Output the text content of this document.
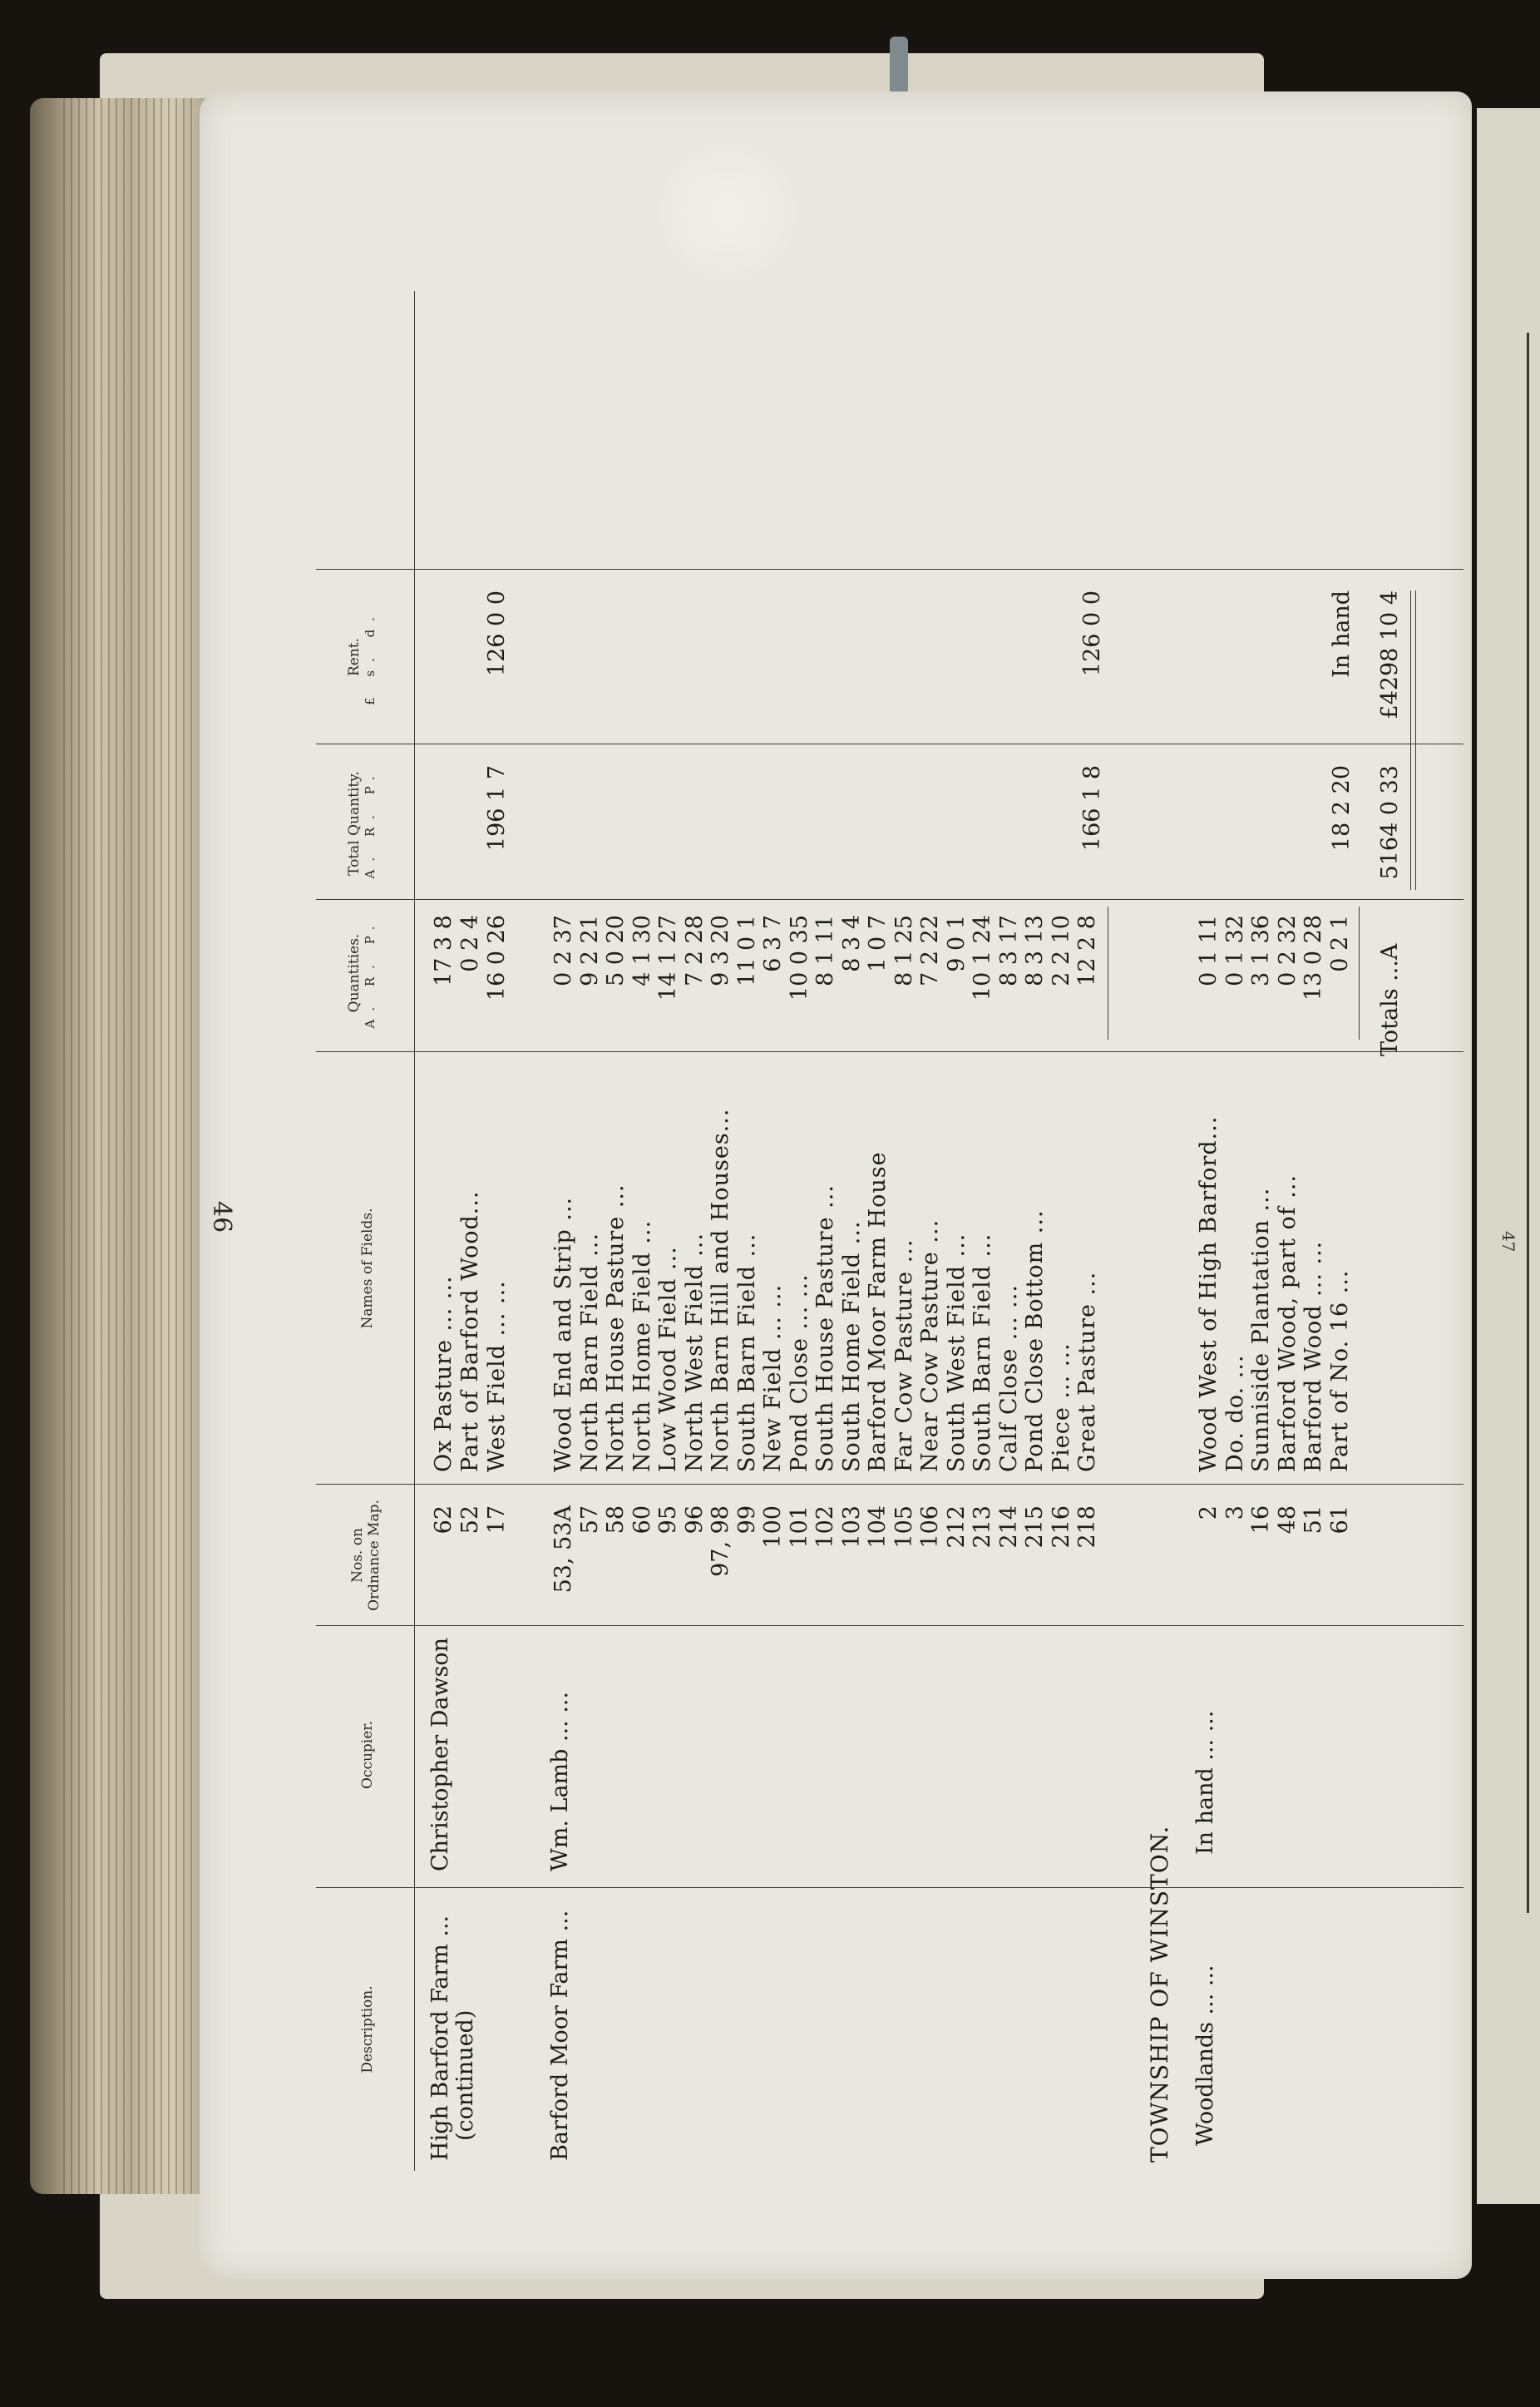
46
47
Description.
Occupier.
Nos. on Ordnance Map.
Names of Fields.
Quantities. A. R. P.
Total Quantity. A. R. P.
Rent. £ s. d.
High Barford Farm ... (continued)
Christopher Dawson
62
Ox Pasture ... ...
17 3 8
52
Part of Barford Wood...
0 2 4
17
West Field ... ...
16 0 26
196 1 7
126 0 0
Barford Moor Farm ...
Wm. Lamb ... ...
53, 53A
Wood End and Strip ...
0 2 37
57
North Barn Field ...
9 2 21
58
North House Pasture ...
5 0 20
60
North Home Field ...
4 1 30
95
Low Wood Field ...
14 1 27
96
North West Field ...
7 2 28
97, 98
North Barn Hill and Houses...
9 3 20
99
South Barn Field ...
11 0 1
100
New Field ... ...
6 3 7
101
Pond Close ... ...
10 0 35
102
South House Pasture ...
8 1 11
103
South Home Field ...
8 3 4
104
Barford Moor Farm House
1 0 7
105
Far Cow Pasture ...
8 1 25
106
Near Cow Pasture ...
7 2 22
212
South West Field ...
9 0 1
213
South Barn Field ...
10 1 24
214
Calf Close ... ...
8 3 17
215
Pond Close Bottom ...
8 3 13
216
Piece ... ...
2 2 10
218
Great Pasture ...
12 2 8
166 1 8
126 0 0
TOWNSHIP OF WINSTON. Woodlands ... ...
In hand ... ...
2
Wood West of High Barford...
0 1 11
3
Do. do. ...
0 1 32
16
Sunniside Plantation ...
3 1 36
48
Barford Wood, part of ...
0 2 32
51
Barford Wood ... ...
13 0 28
61
Part of No. 16 ...
0 2 1
18 2 20
In hand
Totals ...A
5164 0 33
£4298 10 4
